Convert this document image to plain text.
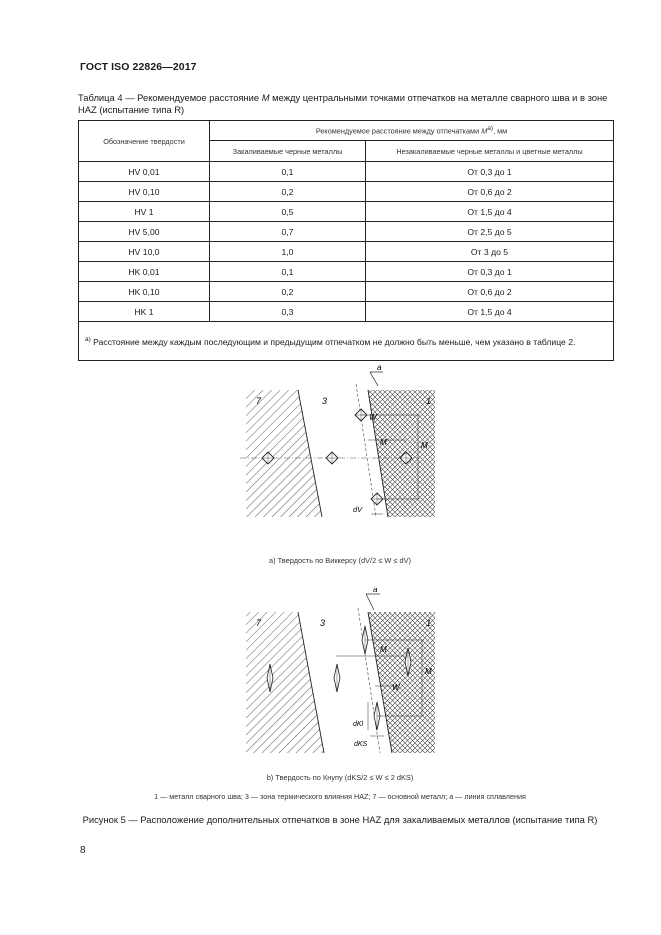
ГОСТ ISO 22826—2017
Таблица 4 — Рекомендуемое расстояние M между центральными точками отпечатков на металле сварного шва и в зоне HAZ (испытание типа R)
Обозначение твердости	Рекомендуемое расстояние между отпечатками Ma), мм	
	Закаливаемые черные металлы	Незакаливаемые черные металлы и цветные металлы
HV 0,01	0,1	От 0,3 до 1
HV 0,10	0,2	От 0,6 до 2
HV 1	0,5	От 1,5 до 4
HV 5,00	0,7	От 2,5 до 5
HV 10,0	1,0	От 3 до 5
HK 0,01	0,1	От 0,3 до 1
HK 0,10	0,2	От 0,6 до 2
HK 1	0,3	От 1,5 до 4
$^{a)}$ Расстояние между каждым последующим и предыдущим отпечатком не должно быть меньше, чем указано в таблице 2.		
a
7	3	1
W
M	M
dV
а) Твердость по Виккерсу (dV/2 ≤ W ≤ dV)
a
7	3	1
M
M
W
dKl
dKS
b) Твердость по Кнупу (dKS/2 ≤ W ≤ 2 dKS)
1 — металл сварного шва; 3 — зона термического влияния HAZ; 7 — основной металл; a — линия сплавления
Рисунок 5 — Расположение дополнительных отпечатков в зоне HAZ для закаливаемых металлов (испытание типа R)
8
